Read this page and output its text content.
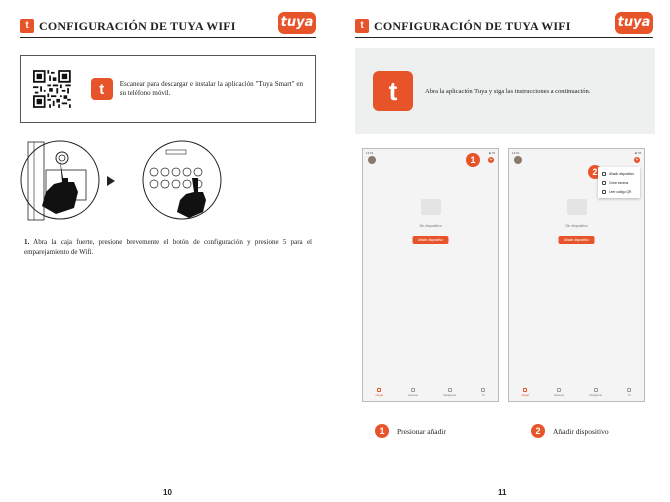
t CONFIGURACIÓN DE TUYA WIFI	tuya
t	Escanear para descargar e instalar la aplicación "Tuya Smart" en su teléfono móvil.
1. Abra la caja fuerte, presione brevemente el botón de configuración y presione 5 para el emparejamiento de Wifi.
10
t CONFIGURACIÓN DE TUYA WIFI	tuya
t	Abra la aplicación Tuya y siga las instrucciones a continuación.
11
14:51	■ 78
1	+
Sin dispositivo
Añadir dispositivo
Hogar	Escena	Inteligente	Yo
14:51	■ 78
2
+
Añadir dispositivo
Crear escena
Leer código QR
Sin dispositivo
Añadir dispositivo
Hogar	Escena	Inteligente	Yo
1	Presionar añadir	2	Añadir dispositivo
